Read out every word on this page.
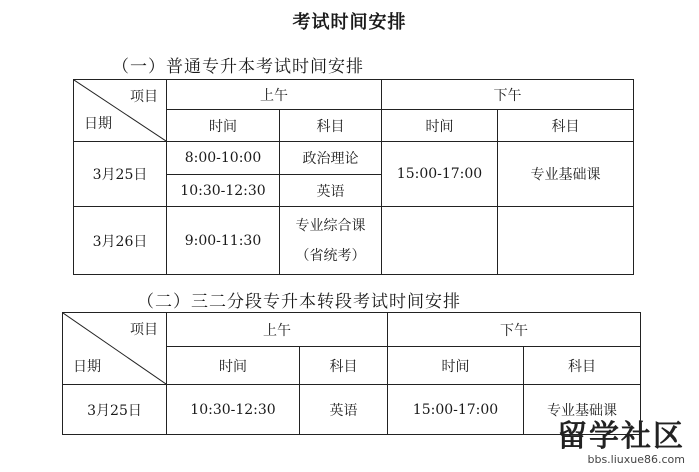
考试时间安排
（一）普通专升本考试时间安排
项目
日期	上午		下午	
	时间	科目	时间	科目
3月25日	8:00-10:00	政治理论	15:00-17:00	专业基础课
	10:30-12:30	英语		
3月26日	9:00-11:30	专业综合课
（省统考）		

（二）三二分段专升本转段考试时间安排
项目
日期	上午		下午	
	时间	科目	时间	科目
3月25日	10:30-12:30	英语	15:00-17:00	专业基础课
留学社区
bbs.liuxue86.com
